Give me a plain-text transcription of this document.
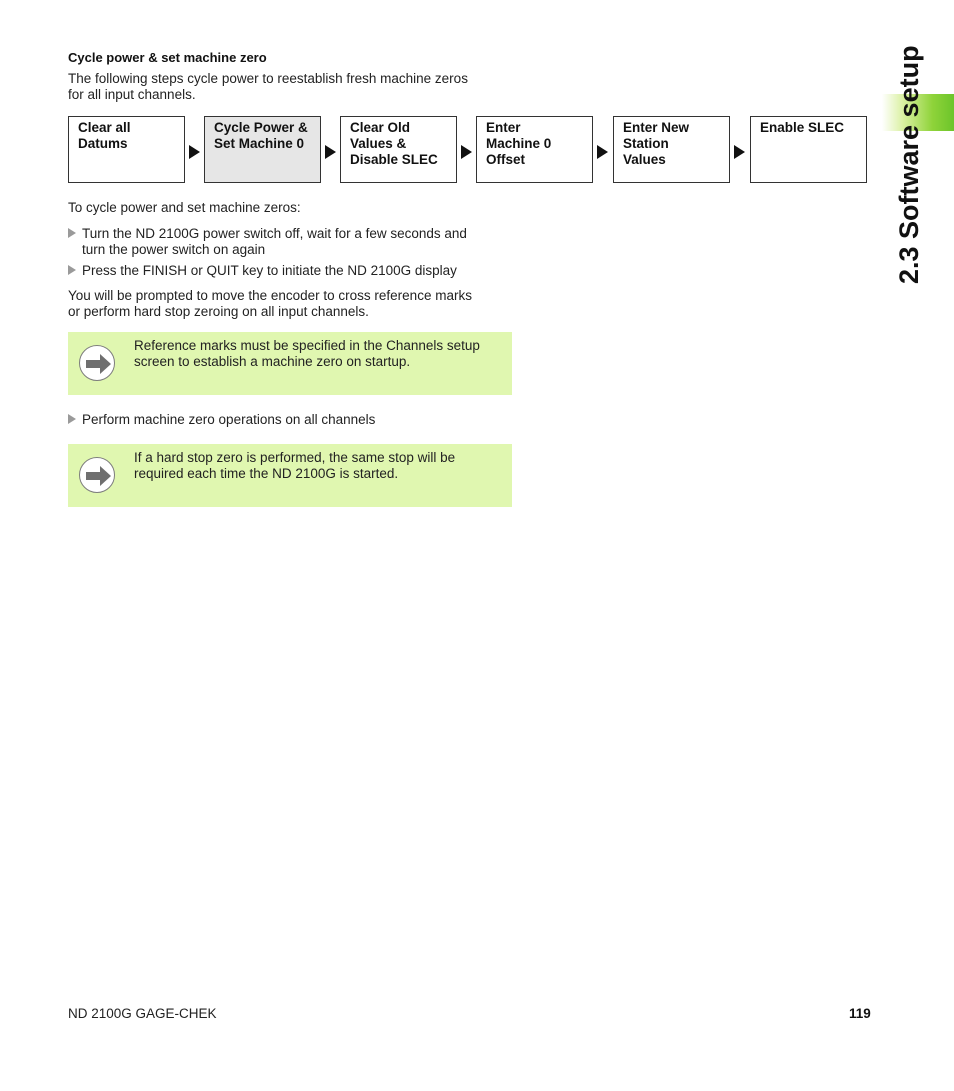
2.3 Software setup
Cycle power & set machine zero
The following steps cycle power to reestablish fresh machine zeros
for all input channels.
Clear all
Datums
Cycle Power &
Set Machine 0
Clear Old
Values &
Disable SLEC
Enter
Machine 0
Offset
Enter New
Station
Values
Enable SLEC
To cycle power and set machine zeros:
Turn the ND 2100G power switch off, wait for a few seconds and
turn the power switch on again
Press the FINISH or QUIT key to initiate the ND 2100G display
You will be prompted to move the encoder to cross reference marks
or perform hard stop zeroing on all input channels.
Reference marks must be specified in the Channels setup
screen to establish a machine zero on startup.
Perform machine zero operations on all channels
If a hard stop zero is performed, the same stop will be
required each time the ND 2100G is started.
ND 2100G GAGE-CHEK	119
